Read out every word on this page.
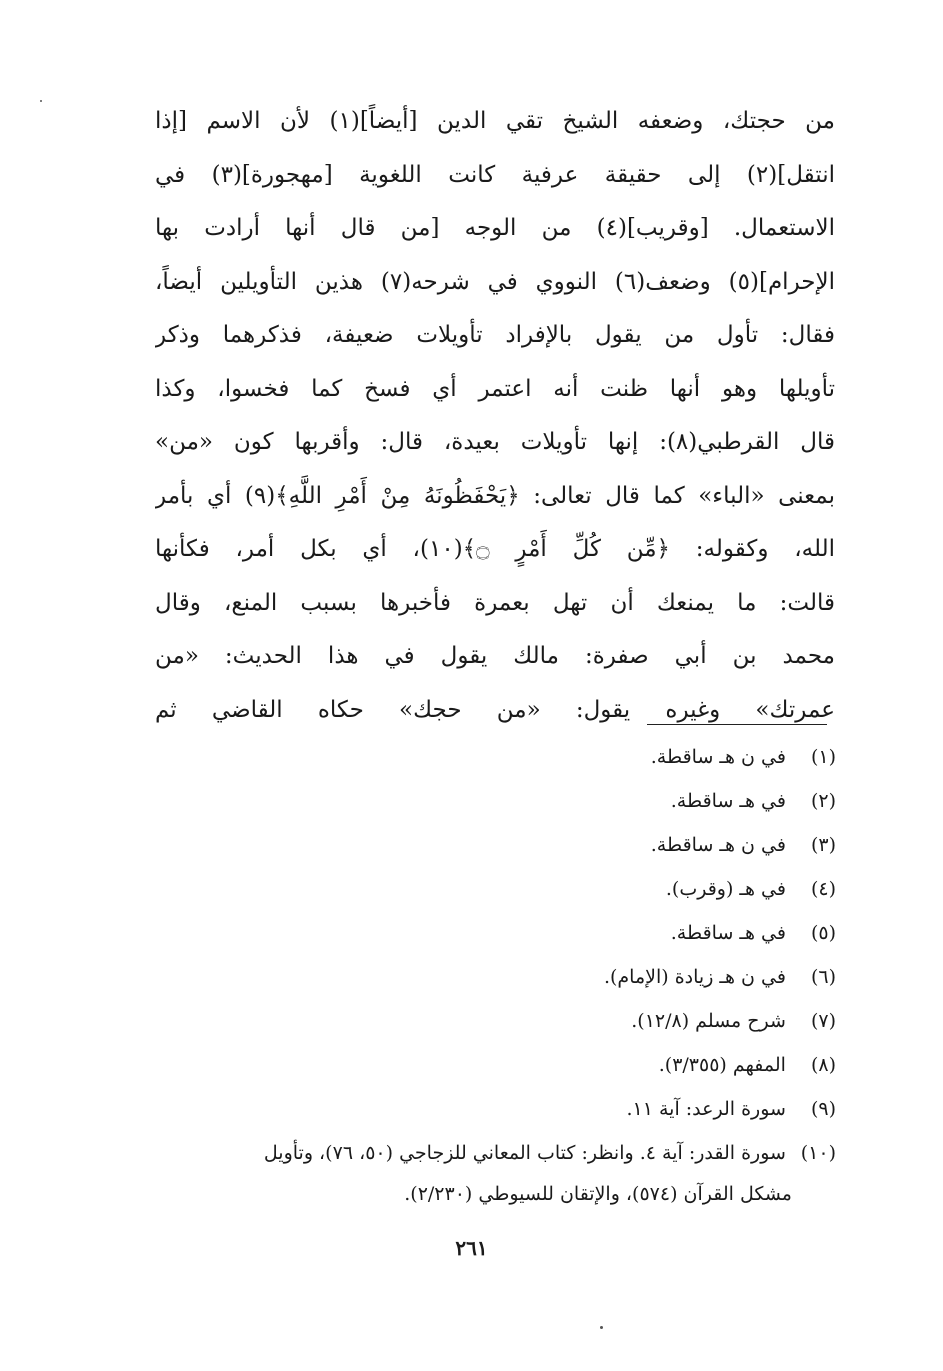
من حجتك، وضعفه الشيخ تقي الدين [أيضاً](١) لأن الاسم [إذا
انتقل](٢) إلى حقيقة عرفية كانت اللغوية [مهجورة](٣) في
الاستعمال. [وقريب](٤) من الوجه [من قال أنها أرادت بها
الإحرام](٥) وضعف(٦) النووي في شرحه(٧) هذين التأويلين أيضاً،
فقال: تأول من يقول بالإفراد تأويلات ضعيفة، فذكرهما وذكر
تأويلها وهو أنها ظنت أنه اعتمر أي فسخ كما فخسوا، وكذا
قال القرطبي(٨): إنها تأويلات بعيدة، قال: وأقربها كون «من»
بمعنى «الباء» كما قال تعالى: ﴿يَحْفَظُونَهُ مِنْ أَمْرِ اللَّهِ﴾(٩) أي بأمر
الله، وكقوله: ﴿مِّن كُلِّ أَمْرٍ ۝﴾(١٠)، أي بكل أمر، فكأنها
قالت: ما يمنعك أن تهل بعمرة فأخبرها بسبب المنع، وقال
محمد بن أبي صفرة: مالك يقول في هذا الحديث: «من
عمرتك» وغيره يقول: «من حجك» حكاه القاضي ثم
(١) في ن هـ ساقطة.
(٢) في هـ ساقطة.
(٣) في ن هـ ساقطة.
(٤) في هـ (وقرب).
(٥) في هـ ساقطة.
(٦) في ن هـ زيادة (الإمام).
(٧) شرح مسلم (١٢/٨).
(٨) المفهم (٣/٣٥٥).
(٩) سورة الرعد: آية ١١.
(١٠) سورة القدر: آية ٤. وانظر: كتاب المعاني للزجاجي (٥٠، ٧٦)، وتأويل
مشكل القرآن (٥٧٤)، والإتقان للسيوطي (٢/٢٣٠).
٢٦١
